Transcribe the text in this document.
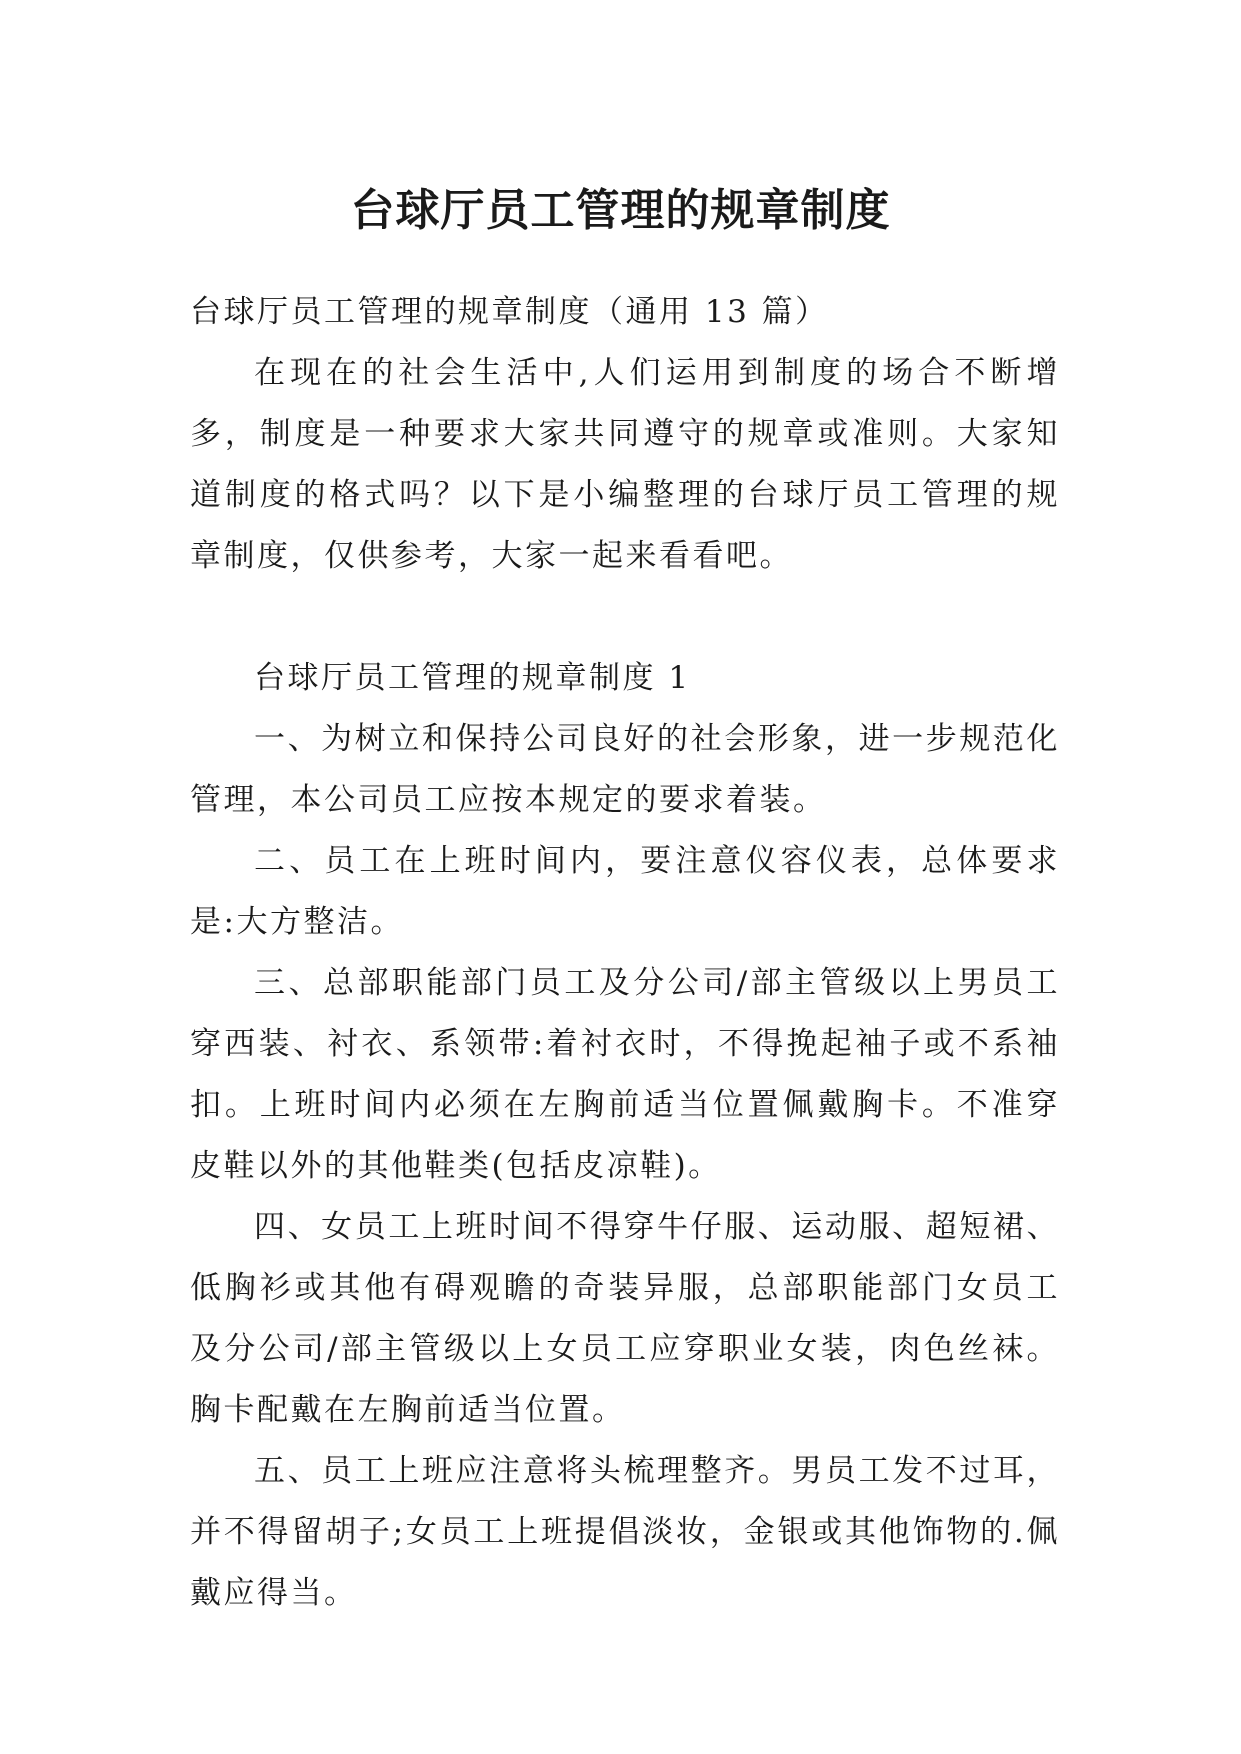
台球厅员工管理的规章制度

台球厅员工管理的规章制度（通用 13 篇）

在现在的社会生活中,人们运用到制度的场合不断增多，制度是一种要求大家共同遵守的规章或准则。大家知道制度的格式吗？以下是小编整理的台球厅员工管理的规章制度，仅供参考，大家一起来看看吧。

台球厅员工管理的规章制度 1

一、为树立和保持公司良好的社会形象，进一步规范化管理，本公司员工应按本规定的要求着装。

二、员工在上班时间内，要注意仪容仪表，总体要求是:大方整洁。

三、总部职能部门员工及分公司/部主管级以上男员工穿西装、衬衣、系领带:着衬衣时，不得挽起袖子或不系袖扣。上班时间内必须在左胸前适当位置佩戴胸卡。不准穿皮鞋以外的其他鞋类(包括皮凉鞋)。

四、女员工上班时间不得穿牛仔服、运动服、超短裙、低胸衫或其他有碍观瞻的奇装异服，总部职能部门女员工及分公司/部主管级以上女员工应穿职业女装，肉色丝袜。胸卡配戴在左胸前适当位置。

五、员工上班应注意将头梳理整齐。男员工发不过耳，并不得留胡子;女员工上班提倡淡妆，金银或其他饰物的.佩戴应得当。
